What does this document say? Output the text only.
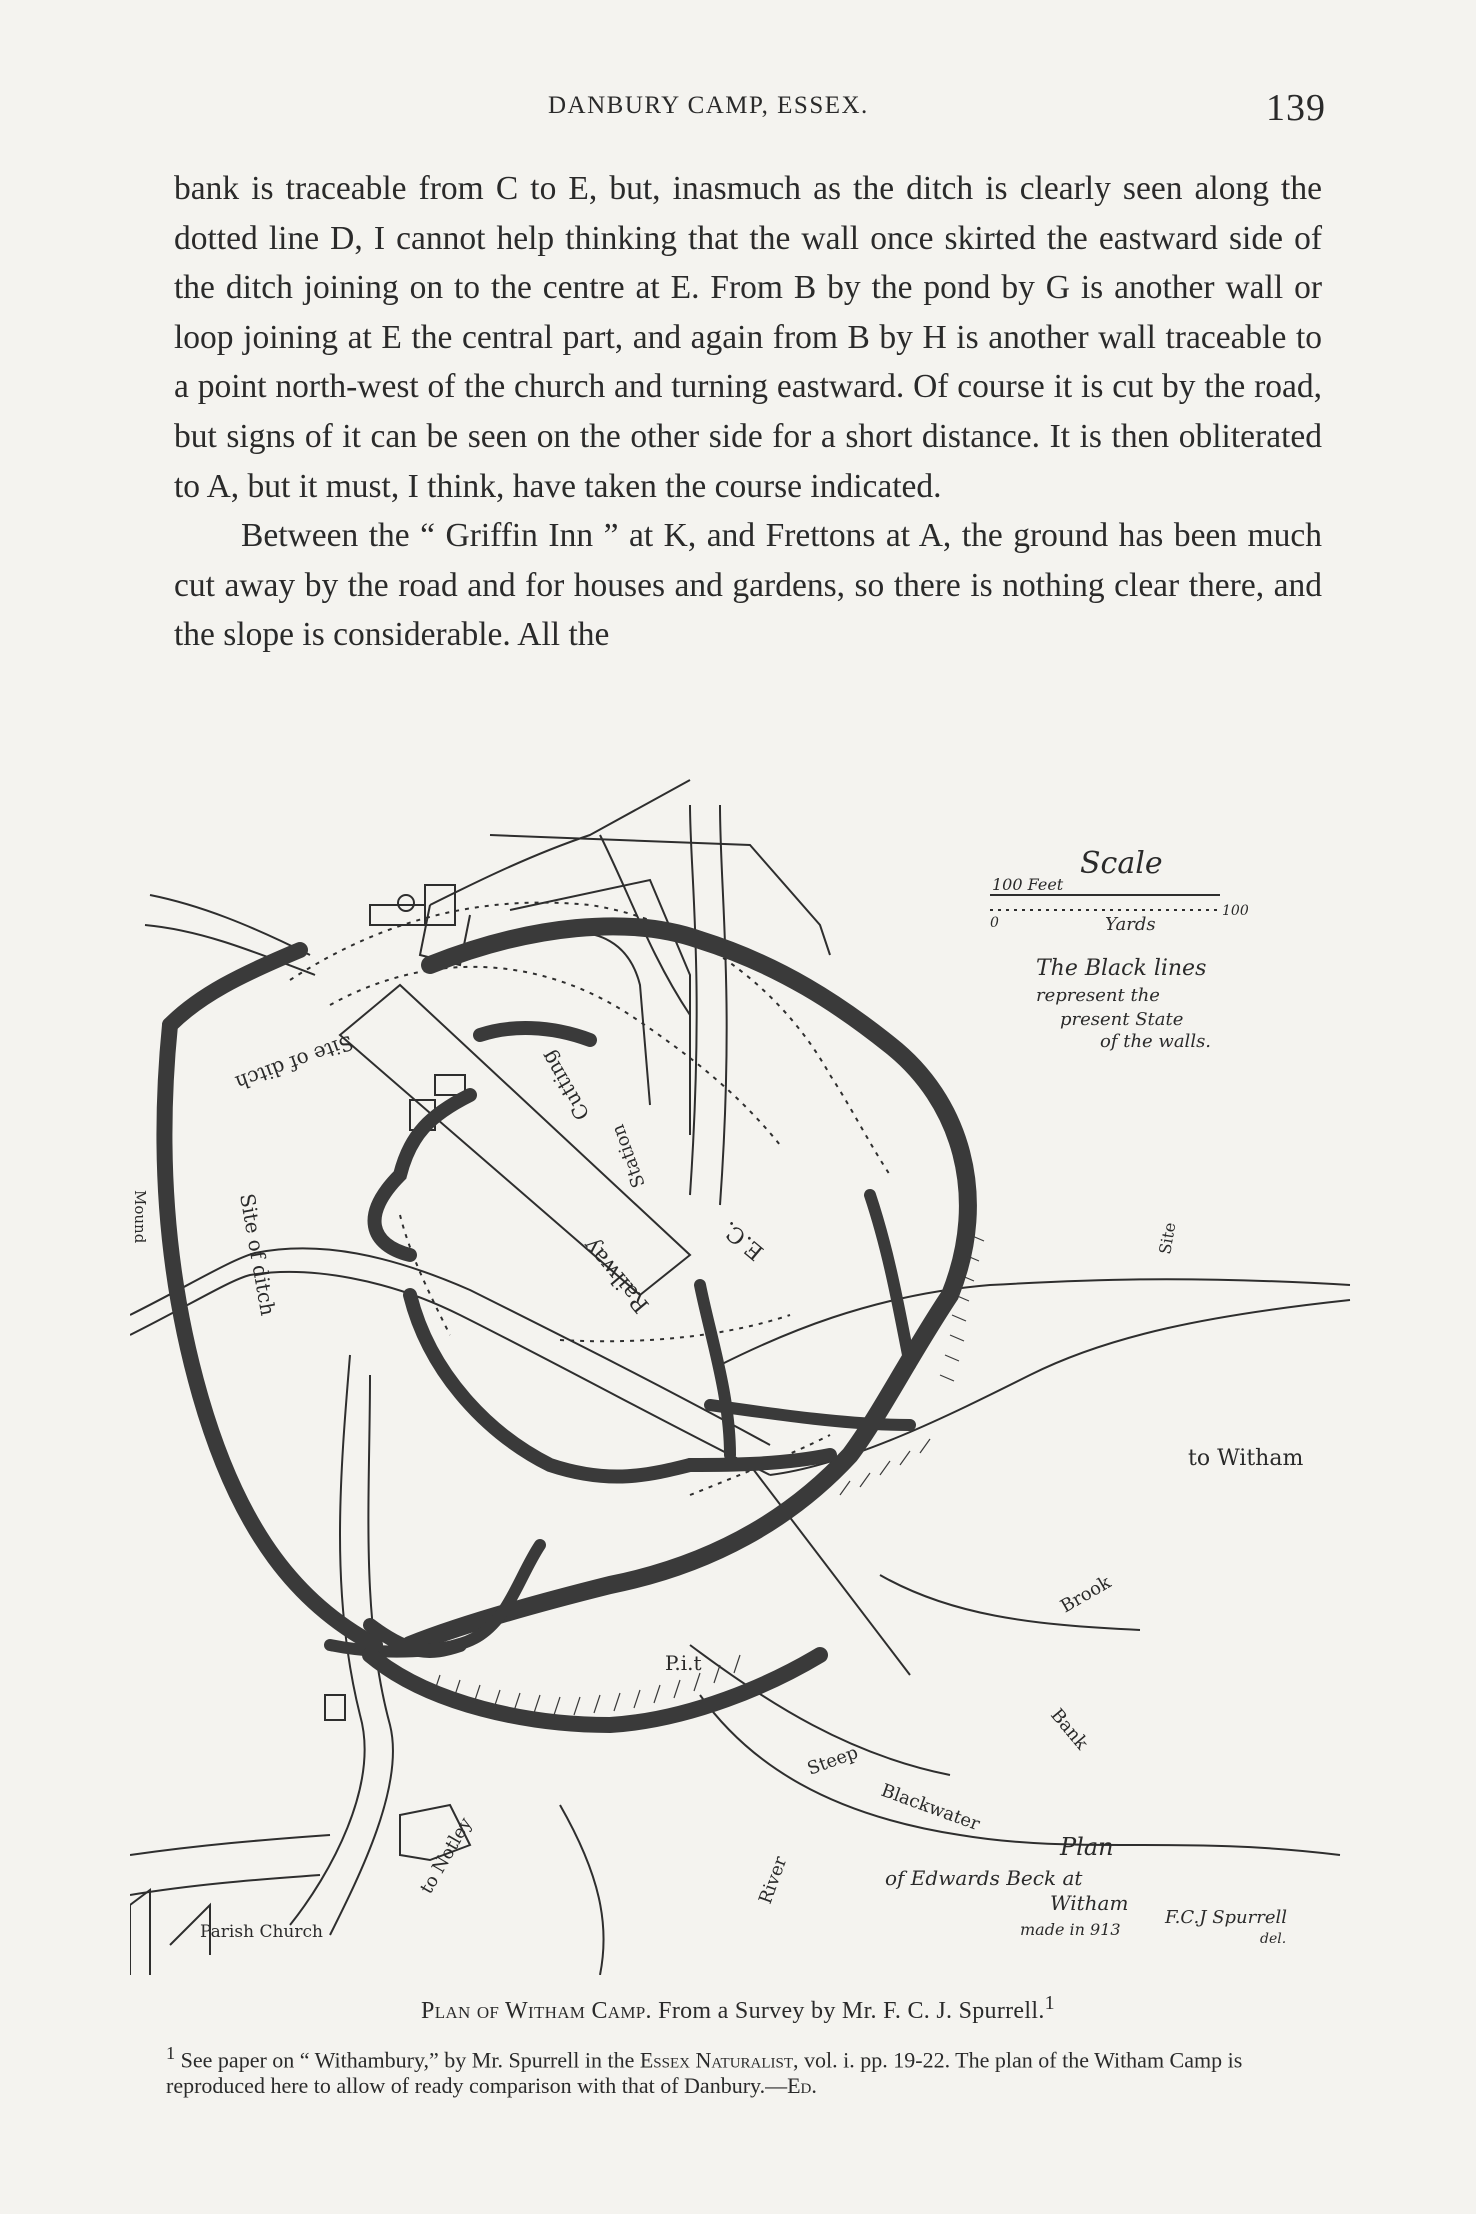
DANBURY CAMP, ESSEX.	139

bank is traceable from C to E, but, inasmuch as the ditch is clearly seen along the dotted line D, I cannot help thinking that the wall once skirted the eastward side of the ditch joining on to the centre at E. From B by the pond by G is another wall or loop joining at E the central part, and again from B by H is another wall traceable to a point north-west of the church and turning eastward. Of course it is cut by the road, but signs of it can be seen on the other side for a short distance. It is then obliterated to A, but it must, I think, have taken the course indicated.

Between the “ Griffin Inn ” at K, and Frettons at A, the ground has been much cut away by the road and for houses and gardens, so there is nothing clear there, and the slope is considerable. All the

Scale
100 Feet
0	Yards
100
The Black lines
represent the
present State
of the walls.
Site of ditch
Railway
Cutting
Station
E.C.
to Witham
Mound	Site of ditch
P.i.t
Brook
Bank
Steep
Blackwater
River
to Notley
Parish Church
Site
Plan
of Edwards Beck at
Witham
made in 913
F.C.J Spurrell
del.
Plan of Witham Camp. From a Survey by Mr. F. C. J. Spurrell.$^1$
$^1$ See paper on “ Withambury,” by Mr. Spurrell in the Essex Naturalist, vol. i. pp. 19-22. The plan of the Witham Camp is reproduced here to allow of ready comparison with that of Danbury.—Ed.
